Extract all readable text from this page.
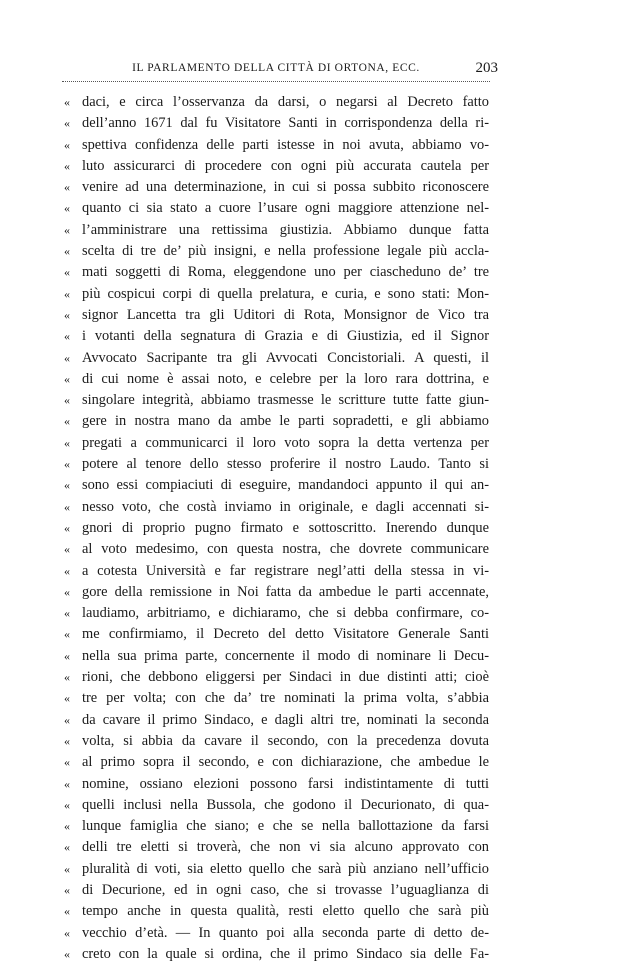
IL PARLAMENTO DELLA CITTÀ DI ORTONA, ECC.	203
« daci, e circa l’osservanza da darsi, o negarsi al Decreto fatto
« dell’anno 1671 dal fu Visitatore Santi in corrispondenza della ri-
« spettiva confidenza delle parti istesse in noi avuta, abbiamo vo-
« luto assicurarci di procedere con ogni più accurata cautela per
« venire ad una determinazione, in cui si possa subbito riconoscere
« quanto ci sia stato a cuore l’usare ogni maggiore attenzione nel-
« l’amministrare una rettissima giustizia. Abbiamo dunque fatta
« scelta di tre de’ più insigni, e nella professione legale più accla-
« mati soggetti di Roma, eleggendone uno per ciascheduno de’ tre
« più cospicui corpi di quella prelatura, e curia, e sono stati: Mon-
« signor Lancetta tra gli Uditori di Rota, Monsignor de Vico tra
« i votanti della segnatura di Grazia e di Giustizia, ed il Signor
« Avvocato Sacripante tra gli Avvocati Concistoriali. A questi, il
« di cui nome è assai noto, e celebre per la loro rara dottrina, e
« singolare integrità, abbiamo trasmesse le scritture tutte fatte giun-
« gere in nostra mano da ambe le parti sopradetti, e gli abbiamo
« pregati a communicarci il loro voto sopra la detta vertenza per
« potere al tenore dello stesso proferire il nostro Laudo. Tanto si
« sono essi compiaciuti di eseguire, mandandoci appunto il qui an-
« nesso voto, che costà inviamo in originale, e dagli accennati si-
« gnori di proprio pugno firmato e sottoscritto. Inerendo dunque
« al voto medesimo, con questa nostra, che dovrete communicare
« a cotesta Università e far registrare negl’atti della stessa in vi-
« gore della remissione in Noi fatta da ambedue le parti accennate,
« laudiamo, arbitriamo, e dichiaramo, che si debba confirmare, co-
« me confirmiamo, il Decreto del detto Visitatore Generale Santi
« nella sua prima parte, concernente il modo di nominare li Decu-
« rioni, che debbono eliggersi per Sindaci in due distinti atti; cioè
« tre per volta; con che da’ tre nominati la prima volta, s’abbia
« da cavare il primo Sindaco, e dagli altri tre, nominati la seconda
« volta, si abbia da cavare il secondo, con la precedenza dovuta
« al primo sopra il secondo, e con dichiarazione, che ambedue le
« nomine, ossiano elezioni possono farsi indistintamente di tutti
« quelli inclusi nella Bussola, che godono il Decurionato, di qua-
« lunque famiglia che siano; e che se nella ballottazione da farsi
« delli tre eletti si troverà, che non vi sia alcuno approvato con
« pluralità di voti, sia eletto quello che sarà più anziano nell’ufficio
« di Decurione, ed in ogni caso, che si trovasse l’uguaglianza di
« tempo anche in questa qualità, resti eletto quello che sarà più
« vecchio d’età. — In quanto poi alla seconda parte di detto de-
« creto con la quale si ordina, che il primo Sindaco sia delle Fa-
